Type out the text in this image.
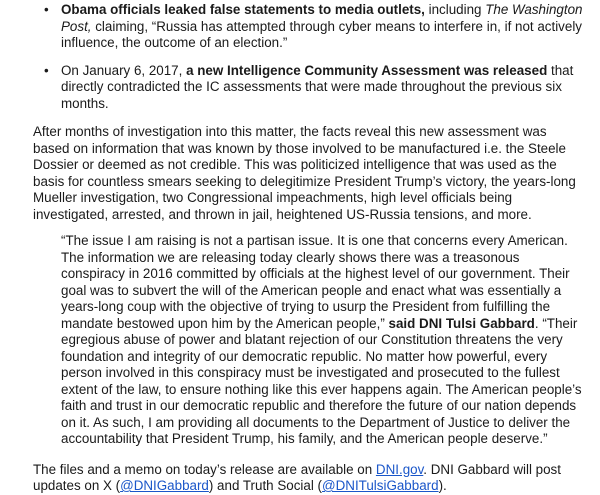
• Obama officials leaked false statements to media outlets, including The Washington Post, claiming, “Russia has attempted through cyber means to interfere in, if not actively influence, the outcome of an election.”
• On January 6, 2017, a new Intelligence Community Assessment was released that directly contradicted the IC assessments that were made throughout the previous six months.

After months of investigation into this matter, the facts reveal this new assessment was based on information that was known by those involved to be manufactured i.e. the Steele Dossier or deemed as not credible. This was politicized intelligence that was used as the basis for countless smears seeking to delegitimize President Trump’s victory, the years-long Mueller investigation, two Congressional impeachments, high level officials being investigated, arrested, and thrown in jail, heightened US-Russia tensions, and more.

“The issue I am raising is not a partisan issue. It is one that concerns every American. The information we are releasing today clearly shows there was a treasonous conspiracy in 2016 committed by officials at the highest level of our government. Their goal was to subvert the will of the American people and enact what was essentially a years-long coup with the objective of trying to usurp the President from fulfilling the mandate bestowed upon him by the American people,” said DNI Tulsi Gabbard. “Their egregious abuse of power and blatant rejection of our Constitution threatens the very foundation and integrity of our democratic republic. No matter how powerful, every person involved in this conspiracy must be investigated and prosecuted to the fullest extent of the law, to ensure nothing like this ever happens again. The American people’s faith and trust in our democratic republic and therefore the future of our nation depends on it. As such, I am providing all documents to the Department of Justice to deliver the accountability that President Trump, his family, and the American people deserve.”

The files and a memo on today’s release are available on DNI.gov. DNI Gabbard will post updates on X (@DNIGabbard) and Truth Social (@DNITulsiGabbard).
